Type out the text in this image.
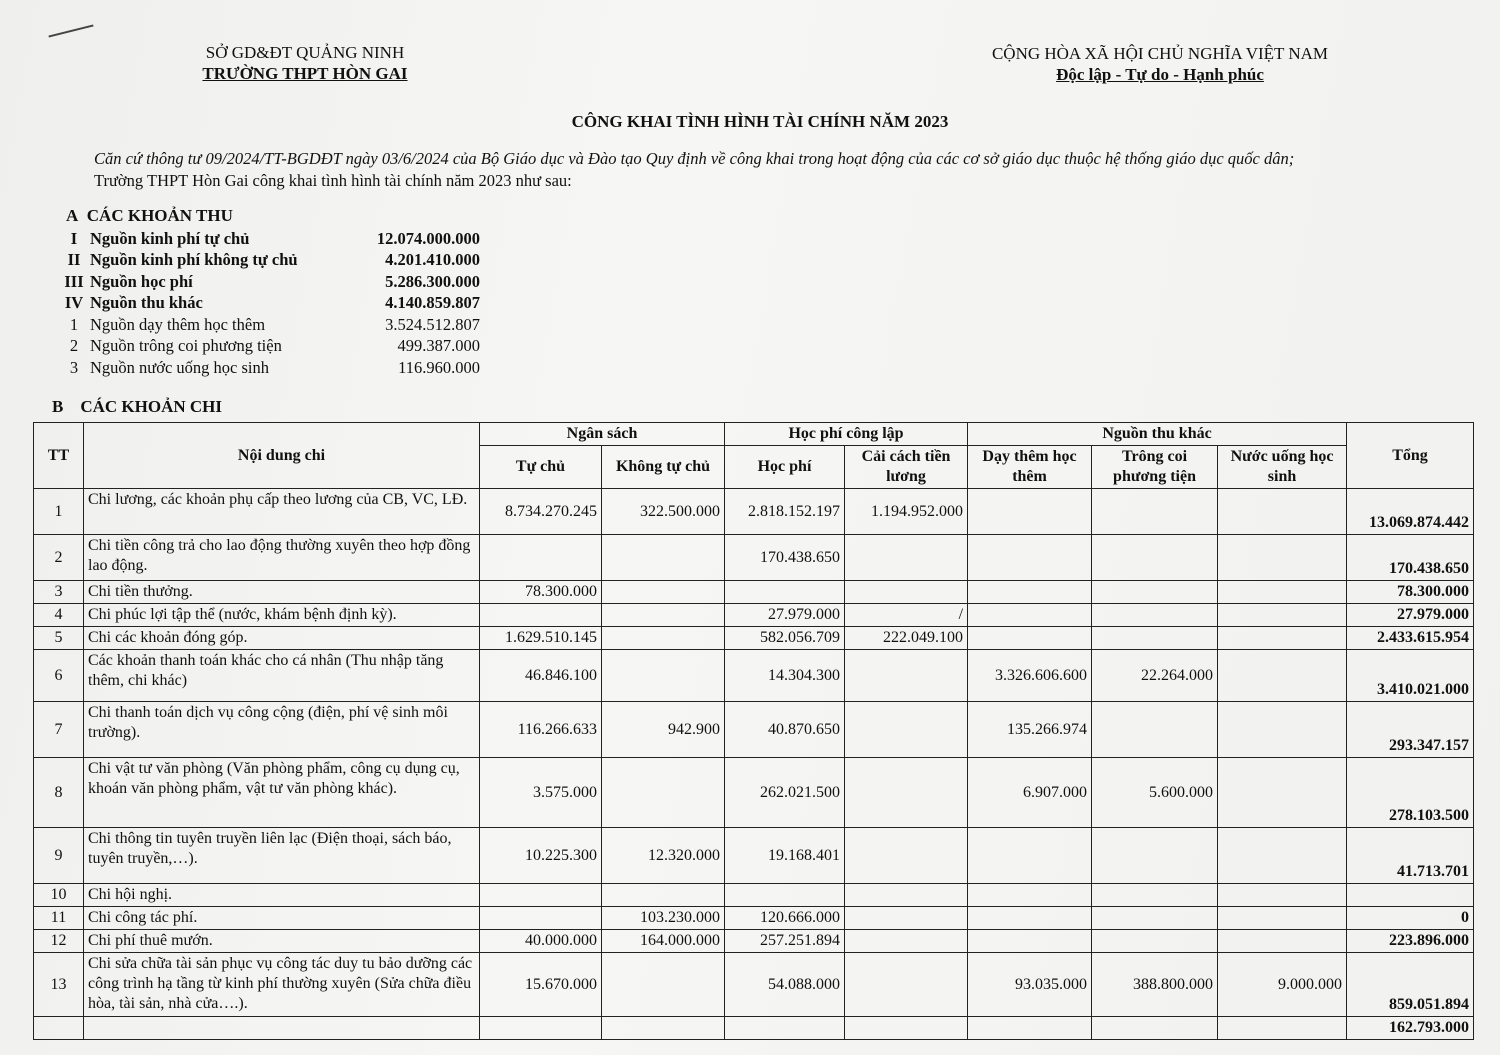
SỞ GD&ĐT QUẢNG NINH
TRƯỜNG THPT HÒN GAI
CỘNG HÒA XÃ HỘI CHỦ NGHĨA VIỆT NAM
Độc lập - Tự do - Hạnh phúc
CÔNG KHAI TÌNH HÌNH TÀI CHÍNH NĂM 2023
Căn cứ thông tư 09/2024/TT-BGDĐT ngày 03/6/2024 của Bộ Giáo dục và Đào tạo Quy định về công khai trong hoạt động của các cơ sở giáo dục thuộc hệ thống giáo dục quốc dân;
Trường THPT Hòn Gai công khai tình hình tài chính năm 2023 như sau:
A CÁC KHOẢN THU
I Nguồn kinh phí tự chủ	12.074.000.000
II Nguồn kinh phí không tự chủ	4.201.410.000
III Nguồn học phí	5.286.300.000
IV Nguồn thu khác	4.140.859.807
1 Nguồn dạy thêm học thêm	3.524.512.807
2 Nguồn trông coi phương tiện	499.387.000
3 Nguồn nước uống học sinh	116.960.000
B CÁC KHOẢN CHI
TT	Nội dung chi	Ngân sách		Học phí công lập		Nguồn thu khác			Tổng
		Tự chủ	Không tự chủ	Học phí	Cải cách tiền lương	Dạy thêm học thêm	Trông coi phương tiện	Nước uống học sinh	
1	Chi lương, các khoản phụ cấp theo lương của CB, VC, LĐ.	8.734.270.245	322.500.000	2.818.152.197	1.194.952.000				13.069.874.442
2	Chi tiền công trả cho lao động thường xuyên theo hợp đồng lao động.			170.438.650					170.438.650
3	Chi tiền thưởng.	78.300.000							78.300.000
4	Chi phúc lợi tập thể (nước, khám bệnh định kỳ).			27.979.000	/				27.979.000
5	Chi các khoản đóng góp.	1.629.510.145		582.056.709	222.049.100				2.433.615.954
6	Các khoản thanh toán khác cho cá nhân (Thu nhập tăng thêm, chi khác)	46.846.100		14.304.300		3.326.606.600	22.264.000		3.410.021.000
7	Chi thanh toán dịch vụ công cộng (điện, phí vệ sinh môi trường).	116.266.633	942.900	40.870.650		135.266.974			293.347.157
8	Chi vật tư văn phòng (Văn phòng phẩm, công cụ dụng cụ, khoán văn phòng phẩm, vật tư văn phòng khác).	3.575.000		262.021.500		6.907.000	5.600.000		278.103.500
9	Chi thông tin tuyên truyền liên lạc (Điện thoại, sách báo, tuyên truyền,…).	10.225.300	12.320.000	19.168.401					41.713.701
10	Chi hội nghị.								
11	Chi công tác phí.		103.230.000	120.666.000					0
12	Chi phí thuê mướn.	40.000.000	164.000.000	257.251.894					223.896.000
13	Chi sửa chữa tài sản phục vụ công tác duy tu bảo dưỡng các công trình hạ tầng từ kinh phí thường xuyên (Sửa chữa điều hòa, tài sản, nhà cửa….).	15.670.000		54.088.000		93.035.000	388.800.000	9.000.000	859.051.894
									162.793.000
